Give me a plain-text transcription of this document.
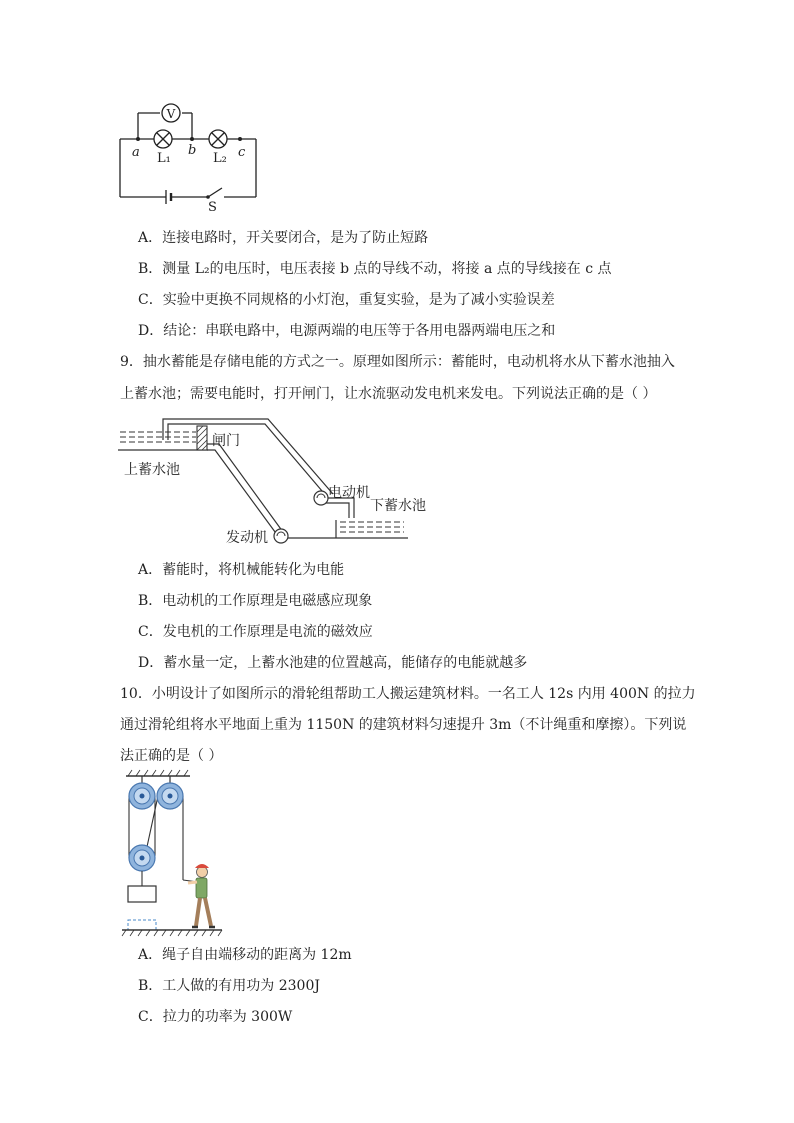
V
a	b	c
L₁	L₂
S
A．连接电路时，开关要闭合，是为了防止短路
B．测量 L₂的电压时，电压表接 b 点的导线不动，将接 a 点的导线接在 c 点
C．实验中更换不同规格的小灯泡，重复实验，是为了减小实验误差
D．结论：串联电路中，电源两端的电压等于各用电器两端电压之和
9．抽水蓄能是存储电能的方式之一。原理如图所示：蓄能时，电动机将水从下蓄水池抽入
上蓄水池；需要电能时，打开闸门，让水流驱动发电机来发电。下列说法正确的是（ ）
闸门
上蓄水池
电动机
下蓄水池
发动机
A．蓄能时，将机械能转化为电能
B．电动机的工作原理是电磁感应现象
C．发电机的工作原理是电流的磁效应
D．蓄水量一定，上蓄水池建的位置越高，能储存的电能就越多
10．小明设计了如图所示的滑轮组帮助工人搬运建筑材料。一名工人 12s 内用 400N 的拉力
通过滑轮组将水平地面上重为 1150N 的建筑材料匀速提升 3m（不计绳重和摩擦）。下列说
法正确的是（ ）
A．绳子自由端移动的距离为 12m
B．工人做的有用功为 2300J
C．拉力的功率为 300W
